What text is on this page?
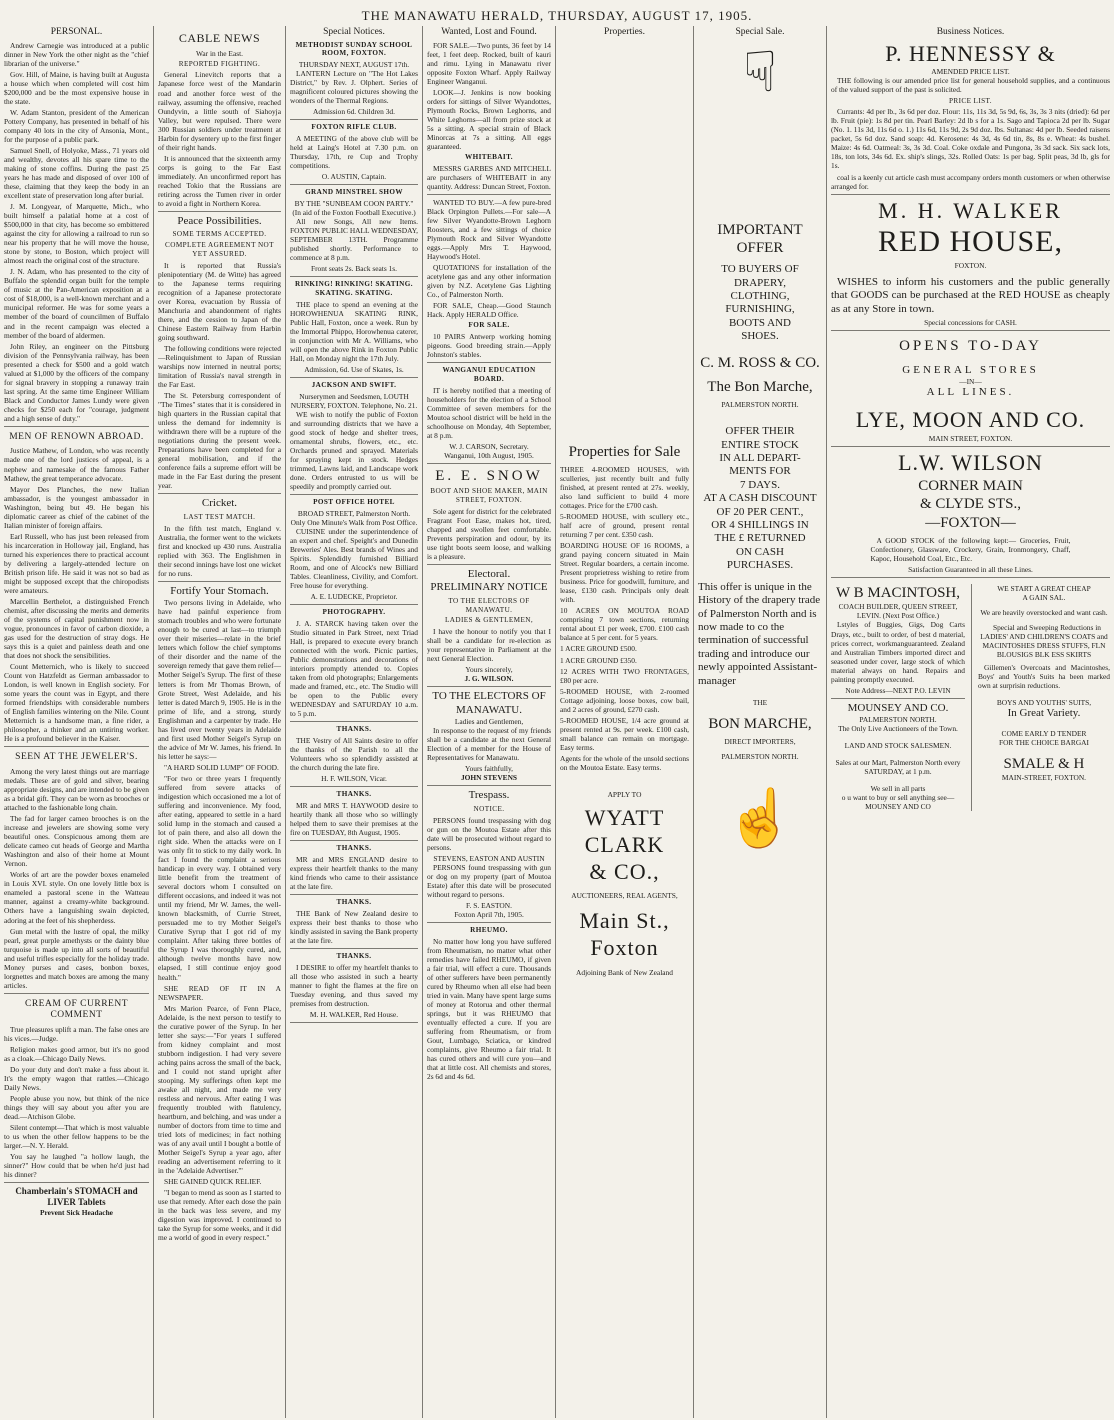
THE MANAWATU HERALD, THURSDAY, AUGUST 17, 1905.
PERSONAL.

Andrew Carnegie was introduced at a public dinner in New York the other night as the "chief librarian of the universe."

Gov. Hill, of Maine, is having built at Augusta a house which when completed will cost him $200,000 and be the most expensive house in the state.

W. Adam Stanton, president of the American Pottery Company, has presented in behalf of his company 40 lots in the city of Ansonia, Mont., for the purpose of a public park.

Samuel Snell, of Holyoke, Mass., 71 years old and wealthy, devotes all his spare time to the making of stone coffins. During the past 25 years he has made and disposed of over 100 of these, claiming that they keep the body in an excellent state of preservation long after burial.

J. M. Longyear, of Marquette, Mich., who built himself a palatial home at a cost of $500,000 in that city, has become so embittered against the city for allowing a railroad to run so near his property that he will move the house, stone by stone, to Boston, which project will almost reach the original cost of the structure.

J. N. Adam, who has presented to the city of Buffalo the splendid organ built for the temple of music at the Pan-American exposition at a cost of $18,000, is a well-known merchant and a municipal reformer. He was for some years a member of the board of councilmen of Buffalo and in the recent campaign was elected a member of the board of aldermen.

John Riley, an engineer on the Pittsburg division of the Pennsylvania railway, has been presented a check for $500 and a gold watch valued at $1,000 by the officers of the company for signal bravery in stopping a runaway train last spring. At the same time Engineer William Black and Conductor James Lundy were given checks for $250 each for "courage, judgment and a high sense of duty."

MEN OF RENOWN ABROAD.

Justice Mathew, of London, who was recently made one of the lord justices of appeal, is a nephew and namesake of the famous Father Mathew, the great temperance advocate.

Mayor Des Planches, the new Italian ambassador, is the youngest ambassador in Washington, being but 49. He began his diplomatic career as chief of the cabinet of the Italian minister of foreign affairs.

Earl Russell, who has just been released from his incarceration in Holloway jail, England, has turned his experiences there to practical account by delivering a largely-attended lecture on British prison life. He said it was not so bad as might be supposed except that the chiropodists were amateurs.

Marcellin Berthelot, a distinguished French chemist, after discussing the merits and demerits of the systems of capital punishment now in vogue, pronounces in favor of carbon dioxide, a gas used for the destruction of stray dogs. He says this is a quiet and painless death and one that does not shock the sensibilities.

Count Metternich, who is likely to succeed Count von Hatzfeldt as German ambassador to London, is well known in English society. For some years the count was in Egypt, and there formed friendships with considerable numbers of English families wintering on the Nile. Count Metternich is a handsome man, a fine rider, a philosopher, a thinker and an untiring worker. He is a profound believer in the Kaiser.

SEEN AT THE JEWELER'S.

Among the very latest things out are marriage medals. These are of gold and silver, bearing appropriate designs, and are intended to be given as a bridal gift. They can be worn as brooches or attached to the fashionable long chain.

The fad for larger cameo brooches is on the increase and jewelers are showing some very beautiful ones. Conspicuous among them are delicate cameo cut heads of George and Martha Washington and also of their home at Mount Vernon.

Works of art are the powder boxes enameled in Louis XVI. style. On one lovely little box is enameled a pastoral scene in the Watteau manner, against a creamy-white background. Others have a languishing swain depicted, adoring at the feet of his shepherdess.

Gun metal with the lustre of opal, the milky pearl, great purple amethysts or the dainty blue turquoise is made up into all sorts of beautiful and useful trifles especially for the holiday trade. Money purses and cases, bonbon boxes, lorgnettes and match boxes are among the many articles.

CREAM OF CURRENT COMMENT

True pleasures uplift a man. The false ones are his vices.—Judge.

Religion makes good armor, but it's no good as a cloak.—Chicago Daily News.

Do your duty and don't make a fuss about it. It's the empty wagon that rattles.—Chicago Daily News.

People abuse you now, but think of the nice things they will say about you after you are dead.—Atchison Globe.

Silent contempt—That which is most valuable to us when the other fellow happens to be the larger.—N. Y. Herald.

You say he laughed "a hollow laugh, the sinner?" How could that be when he'd just had his dinner?

Chamberlain's STOMACH and LIVER Tablets
Prevent Sick Headache
CABLE NEWS
War in the East.
REPORTED FIGHTING.

General Linevitch reports that a Japanese force west of the Mandarin road and another force west of the railway, assuming the offensive, reached Oundyvin, a little south of Siahoyja Valley, but were repulsed. There were 300 Russian soldiers under treatment at Harbin for dysentery up to the first finger of their right hands.

It is announced that the sixteenth army corps is going to the Far East immediately. An unconfirmed report has reached Tokio that the Russians are retiring across the Tumen river in order to avoid a fight in Northern Korea.

Peace Possibilities.
SOME TERMS ACCEPTED.
COMPLETE AGREEMENT NOT YET ASSURED.

It is reported that Russia's plenipotentiary (M. de Witte) has agreed to the Japanese terms requiring recognition of a Japanese protectorate over Korea, evacuation by Russia of Manchuria and abandonment of rights there, and the cession to Japan of the Chinese Eastern Railway from Harbin going southward.

The following conditions were rejected—Relinquishment to Japan of Russian warships now interned in neutral ports; limitation of Russia's naval strength in the Far East.

The St. Petersburg correspondent of "The Times" states that it is considered in high quarters in the Russian capital that unless the demand for indemnity is withdrawn there will be a rupture of the negotiations during the present week. Preparations have been completed for a general mobilisation, and if the conference fails a supreme effort will be made in the Far East during the present year.

Cricket.
LAST TEST MATCH.

In the fifth test match, England v. Australia, the former went to the wickets first and knocked up 430 runs. Australia replied with 363. The Englishmen in their second innings have lost one wicket for no runs.

Fortify Your Stomach.

Two persons living in Adelaide, who have had painful experience from stomach troubles and who were fortunate enough to be cured at last—to triumph over their miseries—relate in the brief letters which follow the chief symptoms of their disorder and the name of the sovereign remedy that gave them relief—Mother Seigel's Syrup. The first of these letters is from Mr Thomas Brown, of Grote Street, West Adelaide, and his letter is dated March 9, 1905. He is in the prime of life, and a strong, sturdy Englishman and a carpenter by trade. He has lived over twenty years in Adelaide and first used Mother Seigel's Syrup on the advice of Mr W. James, his friend. In his letter he says:—

"A HARD SOLID LUMP" OF FOOD.

"For two or three years I frequently suffered from severe attacks of indigestion which occasioned me a lot of suffering and inconvenience. My food, after eating, appeared to settle in a hard solid lump in the stomach and caused a lot of pain there, and also all down the right side. When the attacks were on I was only fit to stick to my daily work. In fact I found the complaint a serious handicap in every way. I obtained very little benefit from the treatment of several doctors whom I consulted on different occasions, and indeed it was not until my friend, Mr W. James, the well-known blacksmith, of Currie Street, persuaded me to try Mother Seigel's Curative Syrup that I got rid of my complaint. After taking three bottles of the Syrup I was thoroughly cured, and, although twelve months have now elapsed, I still continue enjoy good health."

SHE READ OF IT IN A NEWSPAPER.

Mrs Marion Pearce, of Fenn Place, Adelaide, is the next person to testify to the curative power of the Syrup. In her letter she says:—"For years I suffered from kidney complaint and most stubborn indigestion. I had very severe aching pains across the small of the back, and I could not stand upright after stooping. My sufferings often kept me awake all night, and made me very restless and nervous. After eating I was frequently troubled with flatulency, heartburn, and belching, and was under a number of doctors from time to time and tried lots of medicines; in fact nothing was of any avail until I bought a bottle of Mother Seigel's Syrup a year ago, after reading an advertisement referring to it in the 'Adelaide Advertiser.'"

SHE GAINED QUICK RELIEF.

"I began to mend as soon as I started to use that remedy. After each dose the pain in the back was less severe, and my digestion was improved. I continued to take the Syrup for some weeks, and it did me a world of good in every respect."

Special Notices.
METHODIST SUNDAY SCHOOL ROOM, FOXTON.
THURSDAY NEXT, AUGUST 17th.

LANTERN Lecture on "The Hot Lakes District," by Rev. J. Olphert. Series of magnificent coloured pictures showing the wonders of the Thermal Regions.

Admission 6d. Children 3d.
FOXTON RIFLE CLUB.

A MEETING of the above club will be held at Laing's Hotel at 7.30 p.m. on Thursday, 17th, re Cup and Trophy competitions.

O. AUSTIN, Captain.
GRAND MINSTREL SHOW
BY THE "SUNBEAM COON PARTY." (In aid of the Foxton Football Executive.)

All new Songs, All new Items. FOXTON PUBLIC HALL WEDNESDAY, SEPTEMBER 13TH. Programme published shortly. Performance to commence at 8 p.m.

Front seats 2s. Back seats 1s.
RINKING! RINKING! SKATING. SKATING. SKATING.

THE place to spend an evening at the HOROWHENUA SKATING RINK, Public Hall, Foxton, once a week. Run by the Immortal Phippo, Horowhenua caterer, in conjunction with Mr A. Williams, who will open the above Rink in Foxton Public Hall, on Monday night the 17th July.

Admission, 6d. Use of Skates, 1s.
JACKSON AND SWIFT.
Nurserymen and Seedsmen, LOUTH NURSERY, FOXTON. Telephone, No. 21.

WE wish to notify the public of Foxton and surrounding districts that we have a good stock of hedge and shelter trees, ornamental shrubs, flowers, etc., etc. Orchards pruned and sprayed. Materials for spraying kept in stock. Hedges trimmed, Lawns laid, and Landscape work done. Orders entrusted to us will be speedily and promptly carried out.

POST OFFICE HOTEL
BROAD STREET, Palmerston North. Only One Minute's Walk from Post Office.

CUISINE under the superintendence of an expert and chef. Speight's and Dunedin Breweries' Ales. Best brands of Wines and Spirits. Splendidly furnished Billiard Room, and one of Alcock's new Billiard Tables. Cleanliness, Civility, and Comfort. Free house for everything.

A. E. LUDECKE, Proprietor.
PHOTOGRAPHY.

J. A. STARCK having taken over the Studio situated in Park Street, next Triad Hall, is prepared to execute every branch connected with the work. Picnic parties, Public demonstrations and decorations of interiors promptly attended to. Copies taken from old photographs; Enlargements made and framed, etc., etc. The Studio will be open to the Public every WEDNESDAY and SATURDAY 10 a.m. to 5 p.m.

THANKS.

THE Vestry of All Saints desire to offer the thanks of the Parish to all the Volunteers who so splendidly assisted at the church during the late fire.

H. F. WILSON, Vicar.
THANKS.

MR and MRS T. HAYWOOD desire to heartily thank all those who so willingly helped them to save their premises at the fire on TUESDAY, 8th August, 1905.

THANKS.

MR and MRS ENGLAND desire to express their heartfelt thanks to the many kind friends who came to their assistance at the late fire.

THANKS.

THE Bank of New Zealand desire to express their best thanks to those who kindly assisted in saving the Bank property at the late fire.

THANKS.

I DESIRE to offer my heartfelt thanks to all those who assisted in such a hearty manner to fight the flames at the fire on Tuesday evening, and thus saved my premises from destruction.

M. H. WALKER, Red House.
Wanted, Lost and Found.

FOR SALE.—Two punts, 36 feet by 14 feet, 1 feet deep. Rocked, built of kauri and rimu. Lying in Manawatu river opposite Foxton Wharf. Apply Railway Engineer Wanganui.

LOOK—J. Jenkins is now booking orders for sittings of Silver Wyandottes, Plymouth Rocks, Brown Leghorns, and White Leghorns—all from prize stock at 5s a sitting. A special strain of Black Minorcas at 7s a sitting. All eggs guaranteed.

WHITEBAIT.

MESSRS GARBES AND MITCHELL are purchasers of WHITEBAIT in any quantity. Address: Duncan Street, Foxton.

WANTED TO BUY.—A few pure-bred Black Orpington Pullets.—For sale—A few Silver Wyandotte-Brown Leghorn Roosters, and a few sittings of choice Plymouth Rock and Silver Wyandotte eggs.—Apply Mrs T. Haywood, Haywood's Hotel.

QUOTATIONS for installation of the acetylene gas and any other information given by N.Z. Acetylene Gas Lighting Co., of Palmerston North.

FOR SALE, Cheap.—Good Staunch Hack. Apply HERALD Office.

FOR SALE.

10 PAIRS Antwerp working homing pigeons. Good breeding strain.—Apply Johnston's stables.

WANGANUI EDUCATION BOARD.

IT is hereby notified that a meeting of householders for the election of a School Committee of seven members for the Moutoa school district will be held in the schoolhouse on Monday, 4th September, at 8 p.m.

W. J. CARSON, Secretary.
Wanganui, 10th August, 1905.
E. E. SNOW
BOOT AND SHOE MAKER, MAIN STREET, FOXTON.

Sole agent for district for the celebrated Fragrant Foot Ease, makes hot, tired, chapped and swollen feet comfortable. Prevents perspiration and odour, by its use tight boots seem loose, and walking is a pleasure.

Electoral.
PRELIMINARY NOTICE
TO THE ELECTORS OF MANAWATU.
LADIES & GENTLEMEN,

I have the honour to notify you that I shall be a candidate for re-election as your representative in Parliament at the next General Election.

Yours sincerely,
J. G. WILSON.
TO THE ELECTORS OF MANAWATU.
Ladies and Gentlemen,

In response to the request of my friends shall be a candidate at the next General Election of a member for the House of Representatives for Manawatu.

Yours faithfully,
JOHN STEVENS
Trespass.
NOTICE.

PERSONS found trespassing with dog or gun on the Moutoa Estate after this date will be prosecuted without regard to persons.

STEVENS, EASTON AND AUSTIN

PERSONS found trespassing with gun or dog on my property (part of Moutoa Estate) after this date will be prosecuted without regard to persons.

F. S. EASTON.
Foxton April 7th, 1905.
RHEUMO.

No matter how long you have suffered from Rheumatism, no matter what other remedies have failed RHEUMO, if given a fair trial, will effect a cure. Thousands of other sufferers have been permanently cured by Rheumo when all else had been tried in vain. Many have spent large sums of money at Rotorua and other thermal springs, but it was RHEUMO that eventually effected a cure. If you are suffering from Rheumatism, or from Gout, Lumbago, Sciatica, or kindred complaints, give Rheumo a fair trial. It has cured others and will cure you—and that at little cost. All chemists and stores, 2s 6d and 4s 6d.

Properties.
Properties for Sale

THREE 4-ROOMED HOUSES, with sculleries, just recently built and fully finished, at present rented at 27s. weekly, also land sufficient to build 4 more cottages. Price for the £700 cash.

5-ROOMED HOUSE, with scullery etc., half acre of ground, present rental returning 7 per cent. £350 cash.

BOARDING HOUSE OF 16 ROOMS, a grand paying concern situated in Main Street. Regular boarders, a certain income. Present proprietress wishing to retire from business. Price for goodwill, furniture, and lease, £130 cash. Principals only dealt with.

10 ACRES ON MOUTOA ROAD comprising 7 town sections, returning rental about £1 per week, £700. £100 cash balance at 5 per cent. for 5 years.

1 ACRE GROUND £500.

1 ACRE GROUND £350.

12 ACRES WITH TWO FRONTAGES, £80 per acre.

5-ROOMED HOUSE, with 2-roomed Cottage adjoining, loose boxes, cow bail, and 2 acres of ground, £270 cash.

5-ROOMED HOUSE, 1/4 acre ground at present rented at 9s. per week. £100 cash, small balance can remain on mortgage. Easy terms.

Agents for the whole of the unsold sections on the Moutoa Estate. Easy terms.

APPLY TO
WYATT CLARK
& CO.,
AUCTIONEERS, REAL AGENTS,
Main St., Foxton
Adjoining Bank of New Zealand
Special Sale.
☟
IMPORTANT OFFER
TO BUYERS OF
DRAPERY,
CLOTHING,
FURNISHING,
BOOTS AND
SHOES.
C. M. ROSS & CO.
The Bon Marche,
PALMERSTON NORTH.
OFFER THEIR
ENTIRE STOCK
IN ALL DEPART-
MENTS FOR
7 DAYS.
AT A CASH DISCOUNT
OF 20 PER CENT.,
OR 4 SHILLINGS IN
THE £ RETURNED
ON CASH
PURCHASES.

This offer is unique in the History of the drapery trade of Palmerston North and is now made to co the termination of successful trading and introduce our newly appointed Assistant-manager

THE
BON MARCHE,
DIRECT IMPORTERS,
PALMERSTON NORTH.
☝
Business Notices.
P. HENNESSY &
AMENDED PRICE LIST.

THE following is our amended price list for general household supplies, and a continuous of the valued support of the past is solicited.

PRICE LIST.

Currants: 4d per lb., 3s 6d per doz. Flour: 11s, 11s 3d, 5s 9d, 6s, 3s, 3s 3 nits (dried): 6d per lb. Fruit (pie): 1s 8d per tin. Pearl Barley: 2d lb s for a 1s. Sago and Tapioca 2d per lb. Sugar (No. 1. 11s 3d, 11s 6d o. 1.) 11s 6d, 11s 9d, 2s 9d doz. lbs. Sultanas: 4d per lb. Seeded raisens packet, 5s 6d doz. Sand soap: 4d. Kerosene: 4s 3d, 4s 6d tin, 8s, 8s e. Wheat: 4s bushel. Maize: 4s 6d. Oatmeal: 3s, 3s 3d. Coal. Coke oxdale and Pungona, 3s 3d sack. Six sack lots, 18s, ton lots, 34s 6d. Ex. ship's slings, 32s. Rolled Oats: 1s per bag. Split peas, 3d lb, gls for 1s.

coal is a keenly cut article cash must accompany orders month customers or when otherwise arranged for.

M. H. WALKER
RED HOUSE,
FOXTON.

WISHES to inform his customers and the public generally that GOODS can be purchased at the RED HOUSE as cheaply as at any Store in town.

Special concessions for CASH.
OPENS TO-DAY
GENERAL STORES
—IN—
ALL LINES.
LYE, MOON AND CO.
MAIN STREET, FOXTON.
L.W. WILSON
CORNER MAIN
& CLYDE STS.,
—FOXTON—

A GOOD STOCK of the following kept:— Groceries, Fruit, Confectionery, Glassware, Crockery, Grain, Ironmongery, Chaff, Kapoc, Household Coal, Etc., Etc.

Satisfaction Guaranteed in all these Lines.
W B MACINTOSH,
COACH BUILDER, QUEEN STREET, LEVIN. (Next Post Office.)

Lstyles of Buggies, Gigs, Dog Carts Drays, etc., built to order, of best d material, prices correct, workmanguaranteed. Zealand and Australian Timbers imported direct and seasoned under cover, large stock of which material always on hand. Repairs and painting promptly executed.

Note Address—NEXT P.O. LEVIN
MOUNSEY AND CO.
PALMERSTON NORTH.
The Only Live Auctioneers of the Town.
LAND AND STOCK SALESMEN.
Sales at our Mart, Palmerston North every SATURDAY, at 1 p.m.
We sell in all parts
o u want to buy or sell anything see—
MOUNSEY AND CO
WE START A GREAT CHEAP
A GAIN SAL.
We are heavily overstocked and want cash.

Special and Sweeping Reductions in LADIES' AND CHILDREN'S COATS and MACINTOSHES DRESS STUFFS, FLN BLOUSIGS BLK ESS SKIRTS

Gillemen's Overcoats and Macintoshes, Boys' and Youth's Suits ha been marked own at surprisin reductions.

BOYS AND YOUTHS' SUITS,
In Great Variety.
COME EARLY D TENDER
FOR THE CHOICE BARGAI
SMALE & H
MAIN-STREET, FOXTON.
